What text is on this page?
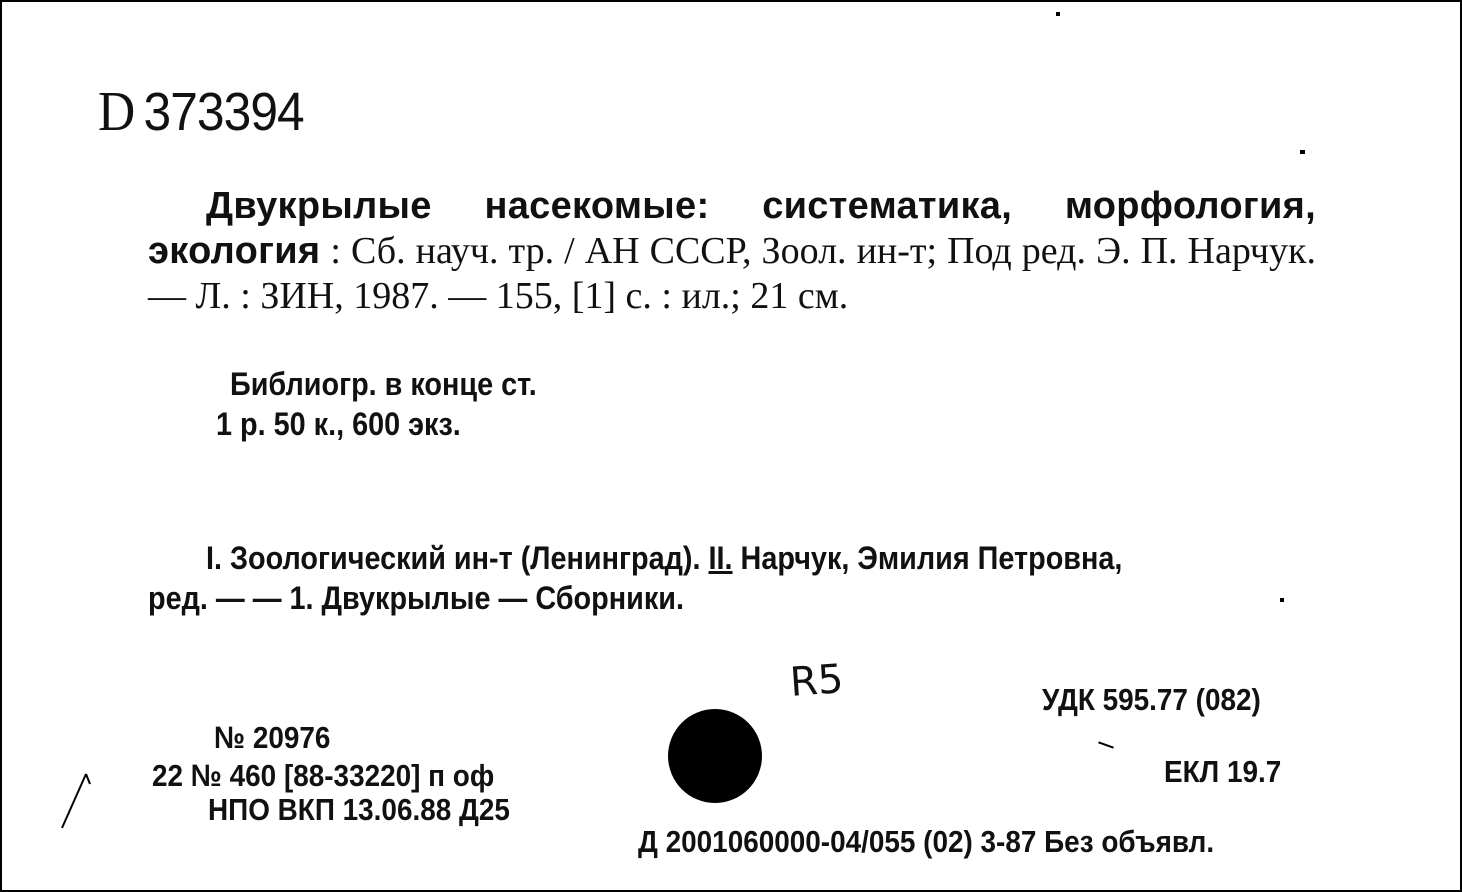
D 373394
Двукрылые насекомые: систематика, морфология, экология : Сб. науч. тр. / АН СССР, Зоол. ин-т; Под ред. Э. П. Нарчук. — Л. : ЗИН, 1987. — 155, [1] с. : ил.; 21 см.
Библиогр. в конце ст.
1 р. 50 к., 600 экз.
I. Зоологический ин-т (Ленинград). II. Нарчук, Эмилия Петровна,
ред. — — 1. Двукрылые — Сборники.
R5	УДК 595.77 (082)
ЕКЛ 19.7
№ 20976
22 № 460 [88-33220] п оф
НПО ВКП 13.06.88 Д25
Д 2001060000-04/055 (02) 3-87 Без объявл.
